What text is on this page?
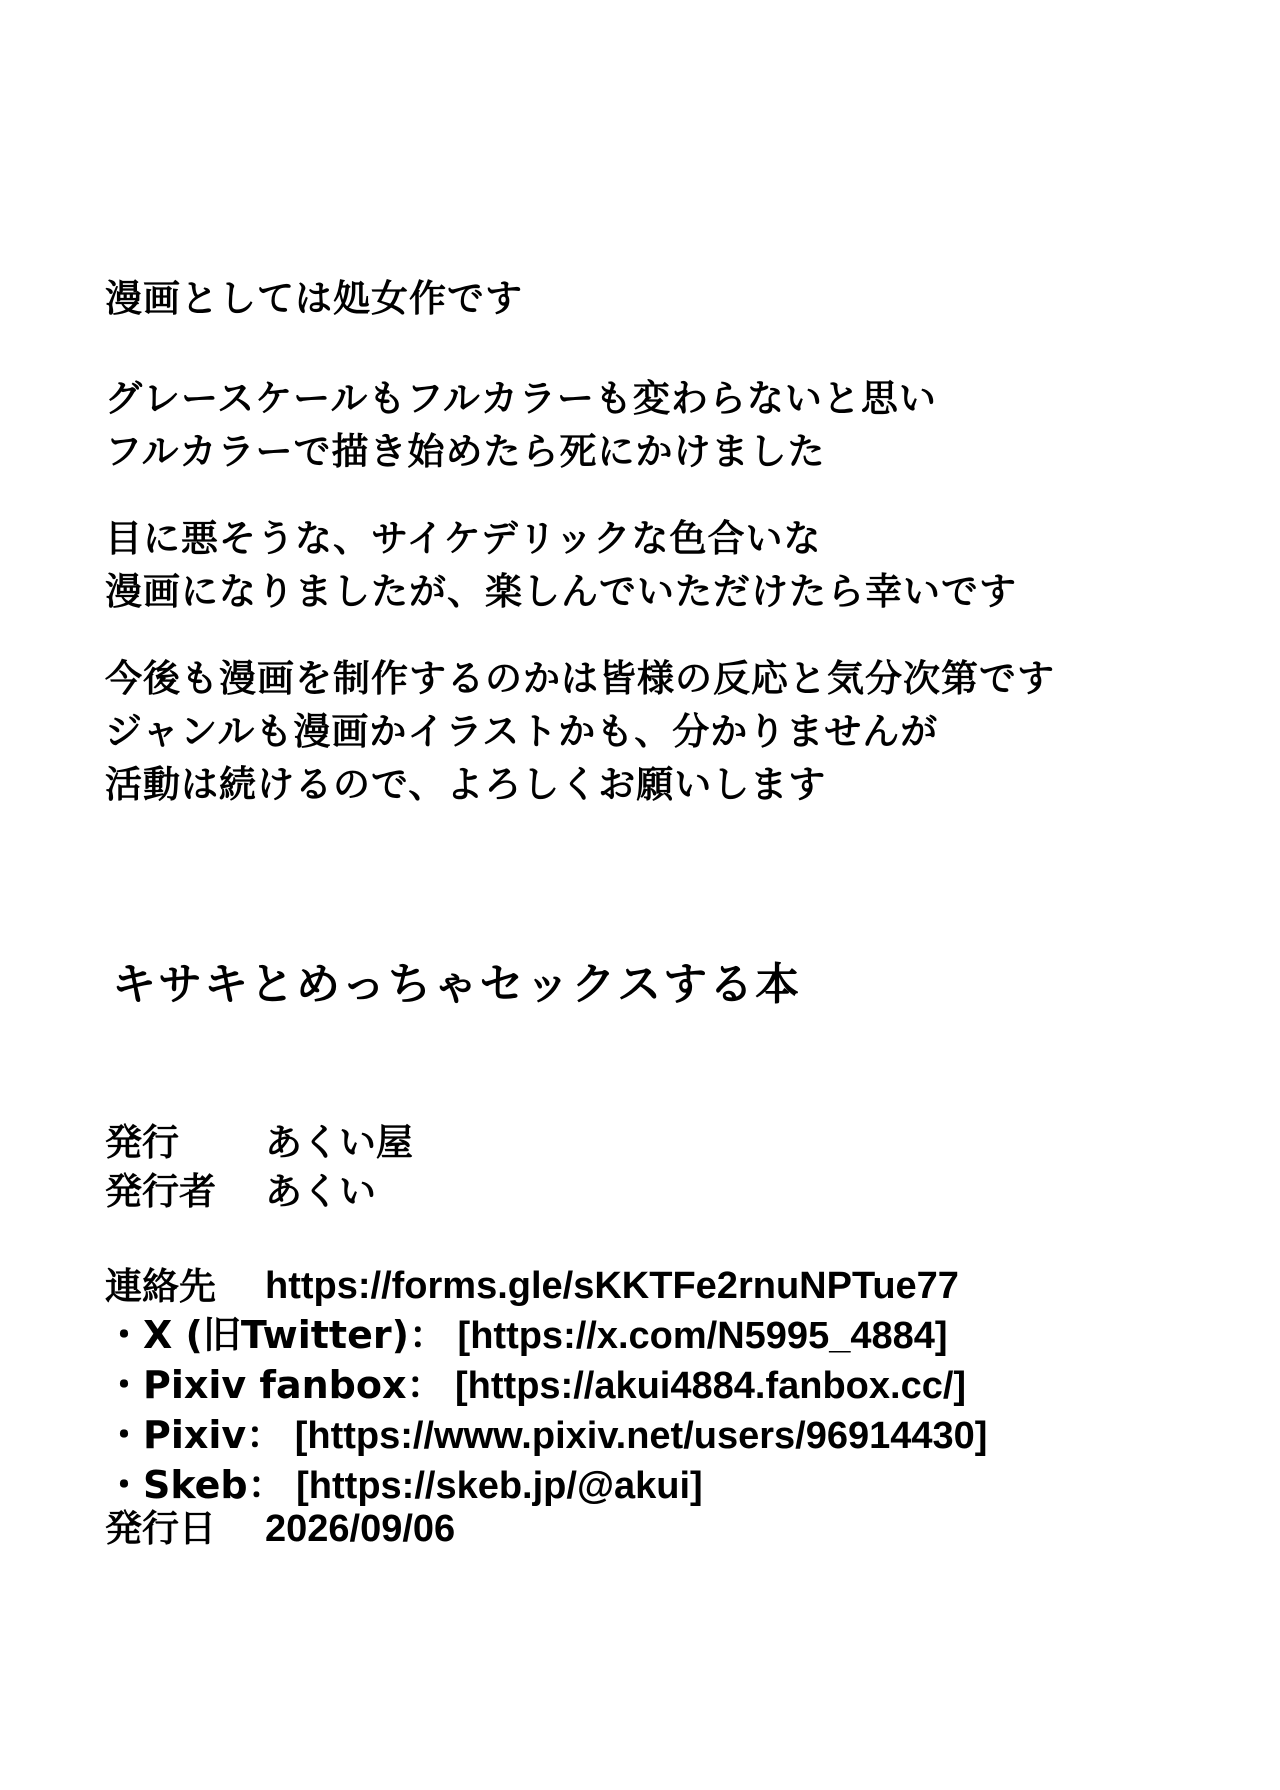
漫画としては処女作です
グレースケールもフルカラーも変わらないと思い
フルカラーで描き始めたら死にかけました
目に悪そうな、サイケデリックな色合いな
漫画になりましたが、楽しんでいただけたら幸いです
今後も漫画を制作するのかは皆様の反応と気分次第です
ジャンルも漫画かイラストかも、分かりませんが
活動は続けるので、よろしくお願いします
キサキとめっちゃセックスする本
発行	あくい屋
発行者	あくい
連絡先	https://forms.gle/sKKTFe2rnuNPTue77
・X (旧Twitter)： [https://x.com/N5995_4884]
・Pixiv fanbox： [https://akui4884.fanbox.cc/]
・Pixiv： [https://www.pixiv.net/users/96914430]
・Skeb： [https://skeb.jp/@akui]
発行日	2026/09/06
